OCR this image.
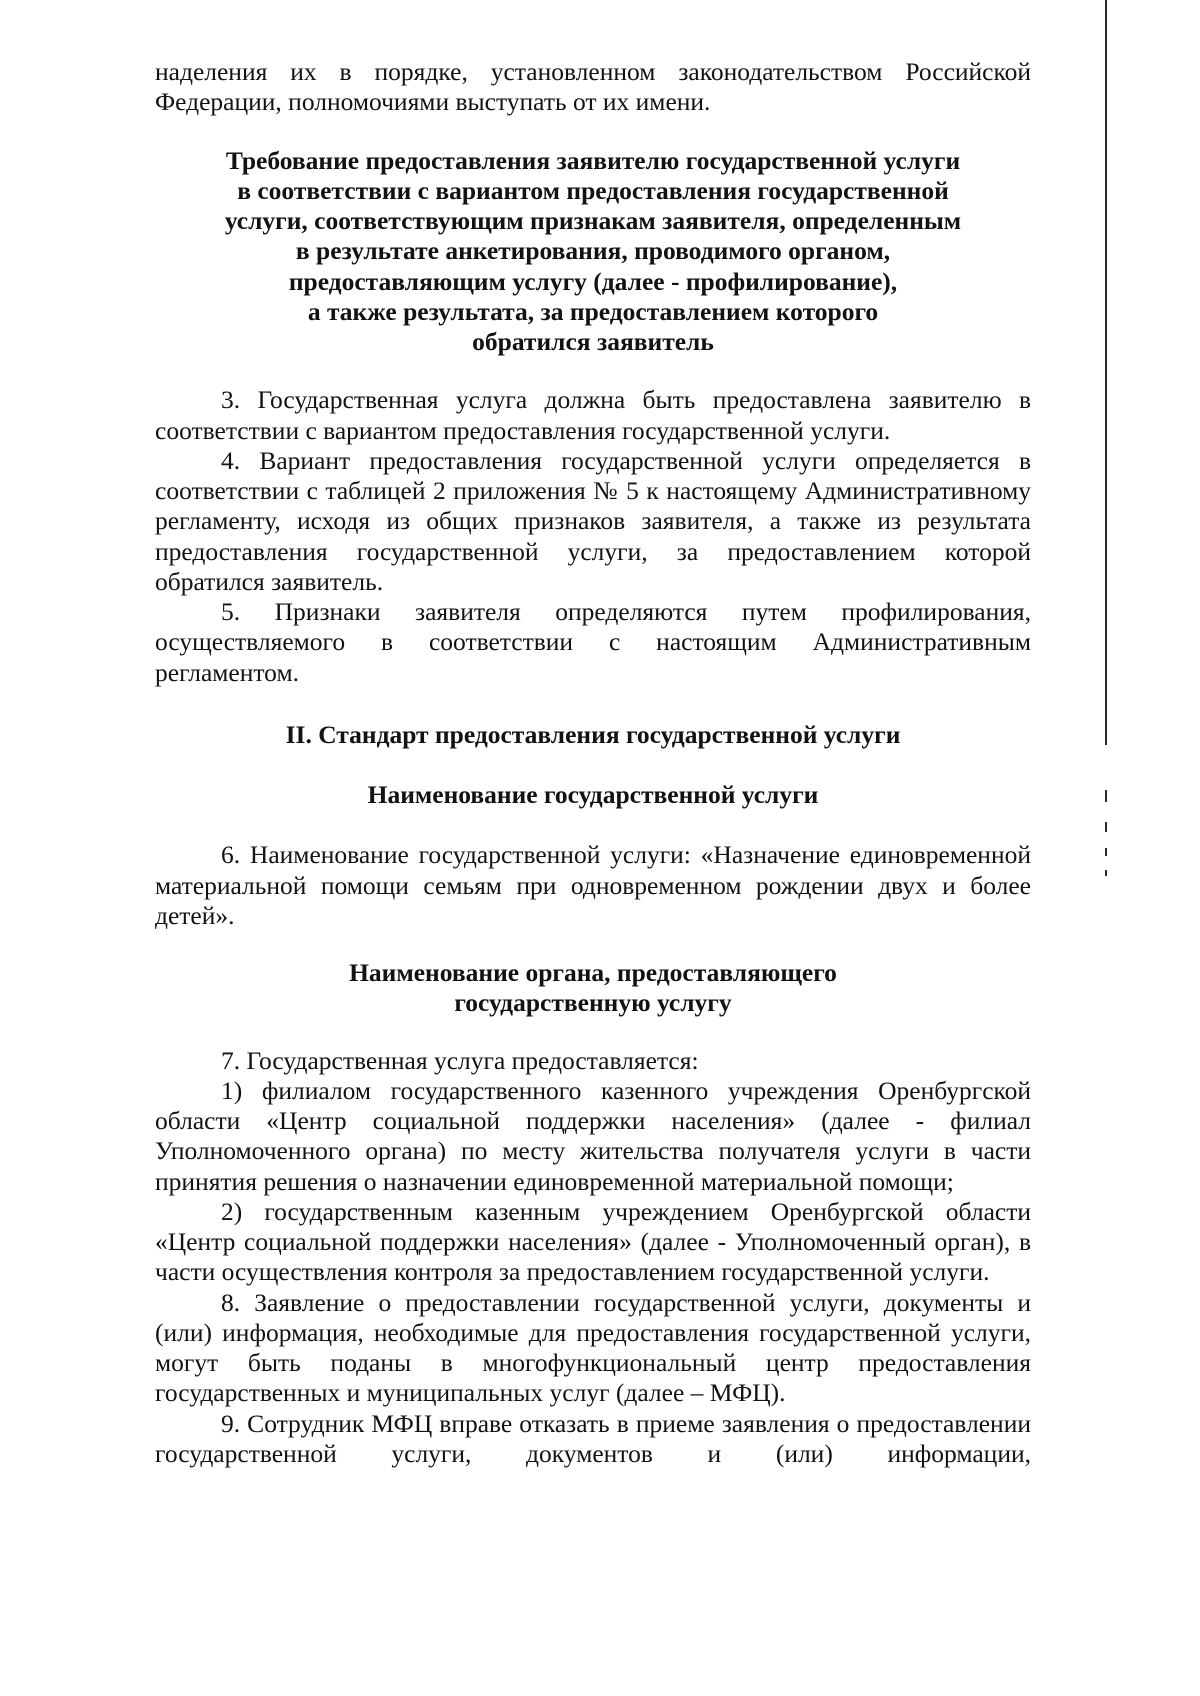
наделения их в порядке, установленном законодательством Российской Федерации, полномочиями выступать от их имени.

Требование предоставления заявителю государственной услуги
в соответствии с вариантом предоставления государственной
услуги, соответствующим признакам заявителя, определенным
в результате анкетирования, проводимого органом,
предоставляющим услугу (далее - профилирование),
а также результата, за предоставлением которого
обратился заявитель

3. Государственная услуга должна быть предоставлена заявителю в соответствии с вариантом предоставления государственной услуги.

4. Вариант предоставления государственной услуги определяется в соответствии с таблицей 2 приложения № 5 к настоящему Административному регламенту, исходя из общих признаков заявителя, а также из результата предоставления государственной услуги, за предоставлением которой обратился заявитель.

5. Признаки заявителя определяются путем профилирования, осуществляемого в соответствии с настоящим Административным регламентом.

II. Стандарт предоставления государственной услуги
Наименование государственной услуги

6. Наименование государственной услуги: «Назначение единовременной материальной помощи семьям при одновременном рождении двух и более детей».

Наименование органа, предоставляющего
государственную услугу

7. Государственная услуга предоставляется:

1) филиалом государственного казенного учреждения Оренбургской области «Центр социальной поддержки населения» (далее - филиал Уполномоченного органа) по месту жительства получателя услуги в части принятия решения о назначении единовременной материальной помощи;

2) государственным казенным учреждением Оренбургской области «Центр социальной поддержки населения» (далее - Уполномоченный орган), в части осуществления контроля за предоставлением государственной услуги.

8. Заявление о предоставлении государственной услуги, документы и (или) информация, необходимые для предоставления государственной услуги, могут быть поданы в многофункциональный центр предоставления государственных и муниципальных услуг (далее – МФЦ).

9. Сотрудник МФЦ вправе отказать в приеме заявления о предоставлении государственной услуги, документов и (или) информации,
